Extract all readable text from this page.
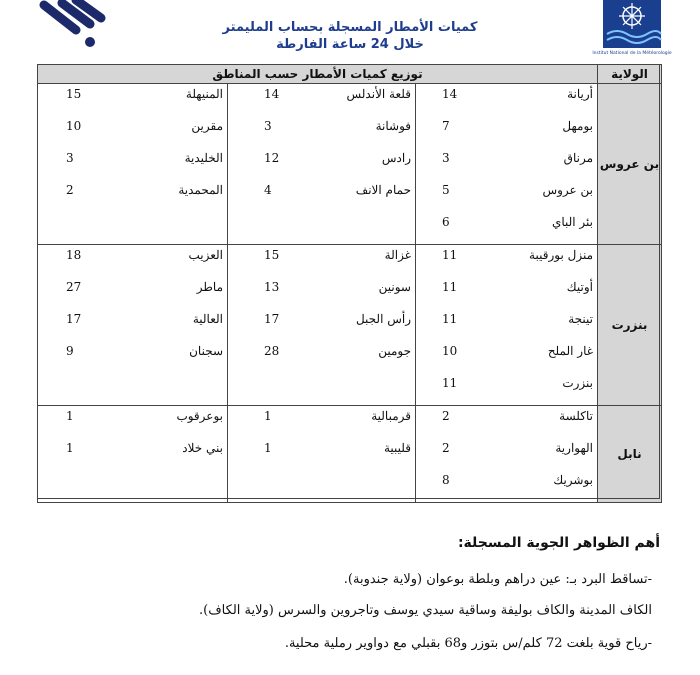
Institut National de la Météorologie
كميات الأمطار المسجلة بحساب المليمتر
خلال 24 ساعة الفارطة
توزيع كميات الأمطار حسب المناطق			الولاية

15 المنيهلة	14 قلعة الأندلس	14 أريانة	بن عروس

10 مقرين	3 فوشانة	7 بومهل	

3 الخليدية	12 رادس	3 مرناق	

2 المحمدية	4 حمام الانف	5 بن عروس	

		6 بئر الباي	

18 العزيب	15 غزالة	11 منزل بورقيبة	بنزرت

27 ماطر	13 سونين	11 أوتيك	

17 العالية	17 رأس الجبل	11 تينجة	

9 سجنان	28 جومين	10 غار الملح	

		11 بنزرت	

1 بوعرقوب	1 قرمبالية	2 تاكلسة	نابل

1 بني خلاد	1 قليبية	2 الهوارية	

		8 بوشريك	
أهم الظواهر الجوية المسجلة:
-تساقط البرد بـ: عين دراهم وبلطة بوعوان (ولاية جندوبة).
الكاف المدينة والكاف بوليفة وساقية سيدي يوسف وتاجروين والسرس (ولاية الكاف).
-رياح قوية بلغت 72 كلم/س بتوزر و68 بقبلي مع دواوير رملية محلية.
